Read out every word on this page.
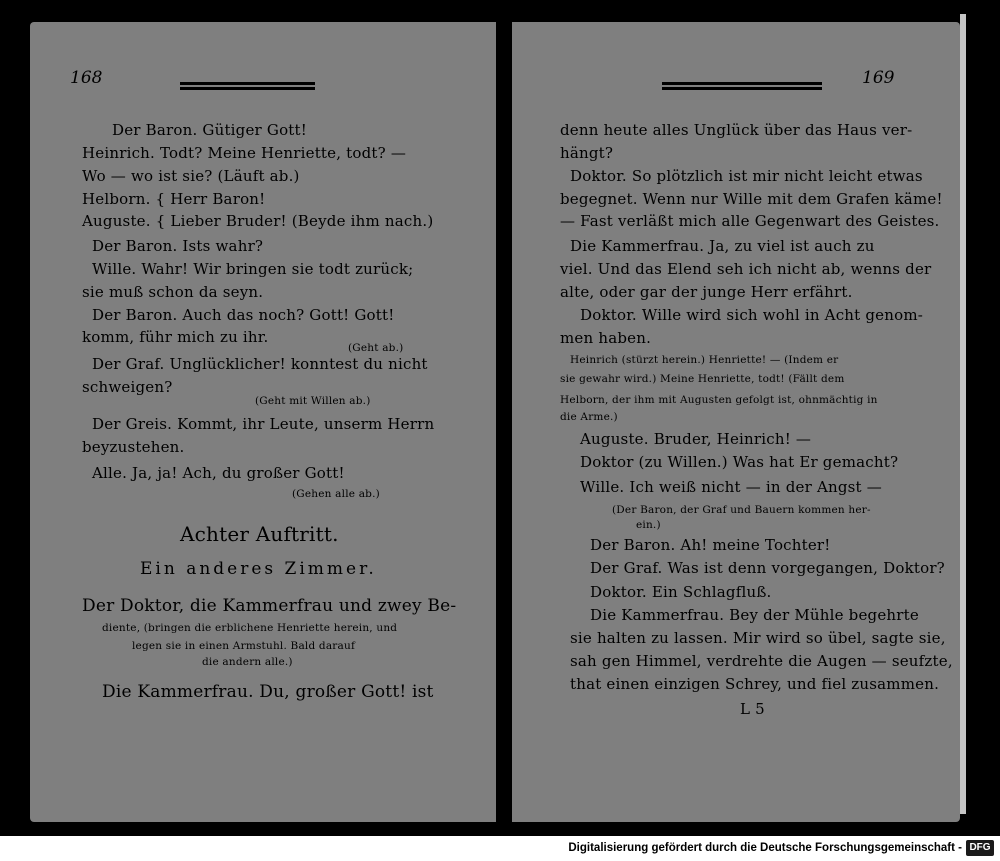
168
Der Baron. Gütiger Gott!
Heinrich. Todt? Meine Henriette, todt? —
Wo — wo ist sie? (Läuft ab.)
Helborn. { Herr Baron!
Auguste. { Lieber Bruder! (Beyde ihm nach.)
Der Baron. Ists wahr?
Wille. Wahr! Wir bringen sie todt zurück;
sie muß schon da seyn.
Der Baron. Auch das noch? Gott! Gott!
komm, führ mich zu ihr.
(Geht ab.)
Der Graf. Unglücklicher! konntest du nicht
schweigen?
(Geht mit Willen ab.)
Der Greis. Kommt, ihr Leute, unserm Herrn
beyzustehen.
Alle. Ja, ja! Ach, du großer Gott!
(Gehen alle ab.)
Achter Auftritt.
Ein anderes Zimmer.
Der Doktor, die Kammerfrau und zwey Be-
diente, (bringen die erblichene Henriette herein, und
legen sie in einen Armstuhl. Bald darauf
die andern alle.)
Die Kammerfrau. Du, großer Gott! ist
169
denn heute alles Unglück über das Haus ver-
hängt?
Doktor. So plötzlich ist mir nicht leicht etwas
begegnet. Wenn nur Wille mit dem Grafen käme!
— Fast verläßt mich alle Gegenwart des Geistes.
Die Kammerfrau. Ja, zu viel ist auch zu
viel. Und das Elend seh ich nicht ab, wenns der
alte, oder gar der junge Herr erfährt.
Doktor. Wille wird sich wohl in Acht genom-
men haben.
Heinrich (stürzt herein.) Henriette! — (Indem er
sie gewahr wird.) Meine Henriette, todt! (Fällt dem
Helborn, der ihm mit Augusten gefolgt ist, ohnmächtig in
die Arme.)
Auguste. Bruder, Heinrich! —
Doktor (zu Willen.) Was hat Er gemacht?
Wille. Ich weiß nicht — in der Angst —
(Der Baron, der Graf und Bauern kommen her-
ein.)
Der Baron. Ah! meine Tochter!
Der Graf. Was ist denn vorgegangen, Doktor?
Doktor. Ein Schlagfluß.
Die Kammerfrau. Bey der Mühle begehrte
sie halten zu lassen. Mir wird so übel, sagte sie,
sah gen Himmel, verdrehte die Augen — seufzte,
that einen einzigen Schrey, und fiel zusammen.
L 5
Digitalisierung gefördert durch die Deutsche Forschungsgemeinschaft - DFG
